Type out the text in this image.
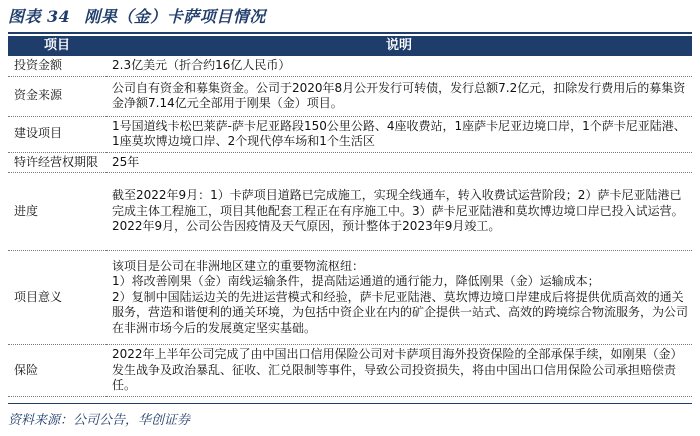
图表 34 刚果（金）卡萨项目情况
项目	说明
投资金额	2.3亿美元（折合约16亿人民币）

资金来源	公司自有资金和募集资金。公司于2020年8月公开发行可转债，发行总额7.2亿元，扣除发行费用后的募集资金净额7.14亿元全部用于刚果（金）项目。

建设项目	1号国道线卡松巴莱萨-萨卡尼亚路段150公里公路、4座收费站，1座萨卡尼亚边境口岸，1个萨卡尼亚陆港、1座莫坎博边境口岸、2个现代停车场和1个生活区

特许经营权期限	25年

进度	截至2022年9月：1）卡萨项目道路已完成施工，实现全线通车，转入收费试运营阶段；2）萨卡尼亚陆港已完成主体工程施工，项目其他配套工程正在有序施工中。3）萨卡尼亚陆港和莫坎博边境口岸已投入试运营。
2022年9月，公司公告因疫情及天气原因，预计整体于2023年9月竣工。

项目意义	该项目是公司在非洲地区建立的重要物流枢纽：
1）将改善刚果（金）南线运输条件，提高陆运通道的通行能力，降低刚果（金）运输成本；
2）复制中国陆运边关的先进运营模式和经验，萨卡尼亚陆港、莫坎博边境口岸建成后将提供优质高效的通关服务，营造和谐便利的通关环境，为包括中资企业在内的矿企提供一站式、高效的跨境综合物流服务，为公司在非洲市场今后的发展奠定坚实基础。

保险	2022年上半年公司完成了由中国出口信用保险公司对卡萨项目海外投资保险的全部承保手续，如刚果（金）发生战争及政治暴乱、征收、汇兑限制等事件，导致公司投资损失，将由中国出口信用保险公司承担赔偿责任。
资料来源：公司公告，华创证券
